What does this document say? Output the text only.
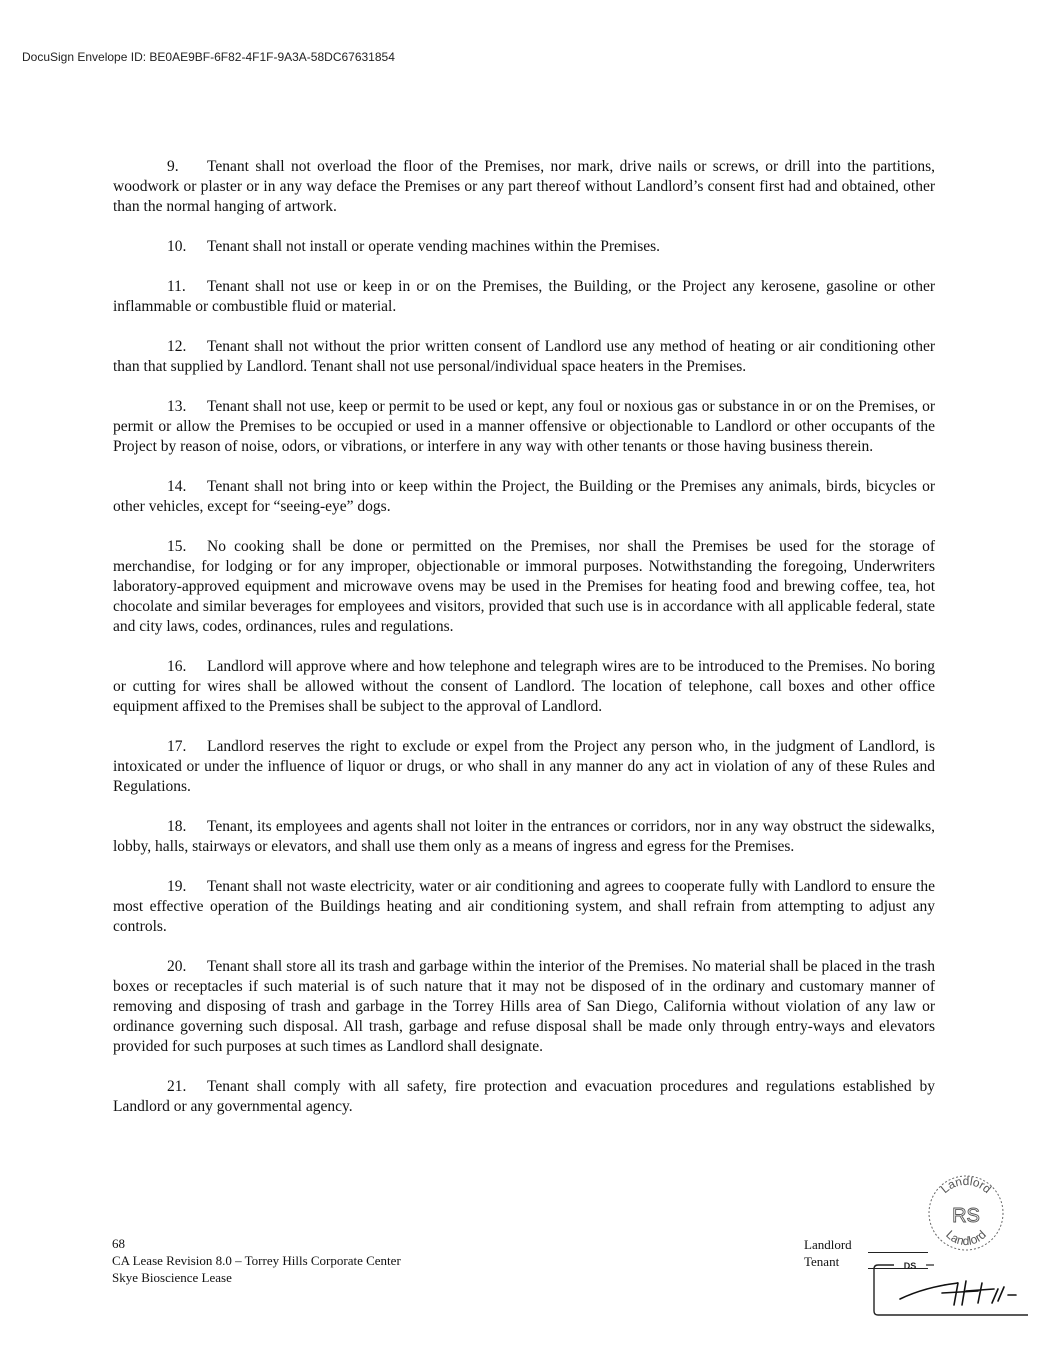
DocuSign Envelope ID: BE0AE9BF-6F82-4F1F-9A3A-58DC67631854

9. Tenant shall not overload the floor of the Premises, nor mark, drive nails or screws, or drill into the partitions, woodwork or plaster or in any way deface the Premises or any part thereof without Landlord’s consent first had and obtained, other than the normal hanging of artwork.

10. Tenant shall not install or operate vending machines within the Premises.

11. Tenant shall not use or keep in or on the Premises, the Building, or the Project any kerosene, gasoline or other inflammable or combustible fluid or material.

12. Tenant shall not without the prior written consent of Landlord use any method of heating or air conditioning other than that supplied by Landlord. Tenant shall not use personal/individual space heaters in the Premises.

13. Tenant shall not use, keep or permit to be used or kept, any foul or noxious gas or substance in or on the Premises, or permit or allow the Premises to be occupied or used in a manner offensive or objectionable to Landlord or other occupants of the Project by reason of noise, odors, or vibrations, or interfere in any way with other tenants or those having business therein.

14. Tenant shall not bring into or keep within the Project, the Building or the Premises any animals, birds, bicycles or other vehicles, except for “seeing-eye” dogs.

15. No cooking shall be done or permitted on the Premises, nor shall the Premises be used for the storage of merchandise, for lodging or for any improper, objectionable or immoral purposes. Notwithstanding the foregoing, Underwriters laboratory-approved equipment and microwave ovens may be used in the Premises for heating food and brewing coffee, tea, hot chocolate and similar beverages for employees and visitors, provided that such use is in accordance with all applicable federal, state and city laws, codes, ordinances, rules and regulations.

16. Landlord will approve where and how telephone and telegraph wires are to be introduced to the Premises. No boring or cutting for wires shall be allowed without the consent of Landlord. The location of telephone, call boxes and other office equipment affixed to the Premises shall be subject to the approval of Landlord.

17. Landlord reserves the right to exclude or expel from the Project any person who, in the judgment of Landlord, is intoxicated or under the influence of liquor or drugs, or who shall in any manner do any act in violation of any of these Rules and Regulations.

18. Tenant, its employees and agents shall not loiter in the entrances or corridors, nor in any way obstruct the sidewalks, lobby, halls, stairways or elevators, and shall use them only as a means of ingress and egress for the Premises.

19. Tenant shall not waste electricity, water or air conditioning and agrees to cooperate fully with Landlord to ensure the most effective operation of the Buildings heating and air conditioning system, and shall refrain from attempting to adjust any controls.

20. Tenant shall store all its trash and garbage within the interior of the Premises. No material shall be placed in the trash boxes or receptacles if such material is of such nature that it may not be disposed of in the ordinary and customary manner of removing and disposing of trash and garbage in the Torrey Hills area of San Diego, California without violation of any law or ordinance governing such disposal. All trash, garbage and refuse disposal shall be made only through entry-ways and elevators provided for such purposes at such times as Landlord shall designate.

21. Tenant shall comply with all safety, fire protection and evacuation procedures and regulations established by Landlord or any governmental agency.

68
CA Lease Revision 8.0 – Torrey Hills Corporate Center
Skye Bioscience Lease
Landlord
Tenant
Landlord
RS
Landlord
DS
